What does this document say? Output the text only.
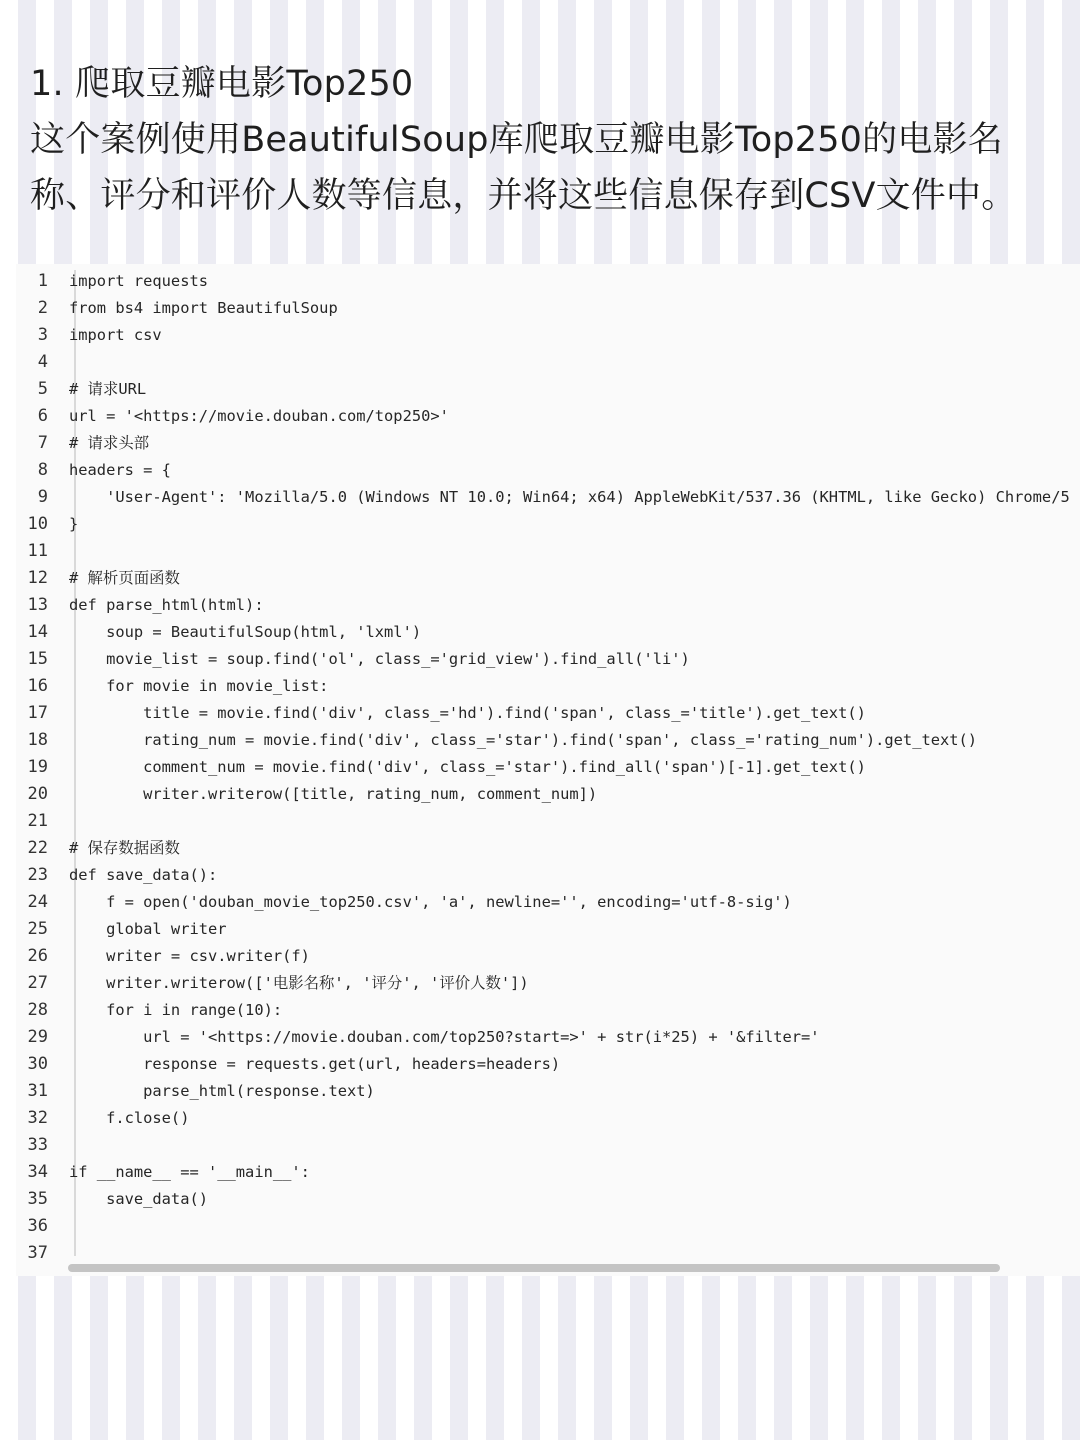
1. 爬取豆瓣电影Top250
这个案例使用BeautifulSoup库爬取豆瓣电影Top250的电影名
称、评分和评价人数等信息，并将这些信息保存到CSV文件中。
1 import requests
2 from bs4 import BeautifulSoup
3 import csv
4
5 # 请求URL
6 url = '<https://movie.douban.com/top250>'
7 # 请求头部
8 headers = {
9 'User-Agent': 'Mozilla/5.0 (Windows NT 10.0; Win64; x64) AppleWebKit/537.36 (KHTML, like Gecko) Chrome/5
10 }
11
12 # 解析页面函数
13 def parse_html(html):
14 soup = BeautifulSoup(html, 'lxml')
15 movie_list = soup.find('ol', class_='grid_view').find_all('li')
16 for movie in movie_list:
17 title = movie.find('div', class_='hd').find('span', class_='title').get_text()
18 rating_num = movie.find('div', class_='star').find('span', class_='rating_num').get_text()
19 comment_num = movie.find('div', class_='star').find_all('span')[-1].get_text()
20 writer.writerow([title, rating_num, comment_num])
21
22 # 保存数据函数
23 def save_data():
24 f = open('douban_movie_top250.csv', 'a', newline='', encoding='utf-8-sig')
25 global writer
26 writer = csv.writer(f)
27 writer.writerow(['电影名称', '评分', '评价人数'])
28 for i in range(10):
29 url = '<https://movie.douban.com/top250?start=>' + str(i*25) + '&filter='
30 response = requests.get(url, headers=headers)
31 parse_html(response.text)
32 f.close()
33
34 if __name__ == '__main__':
35 save_data()
36
37
